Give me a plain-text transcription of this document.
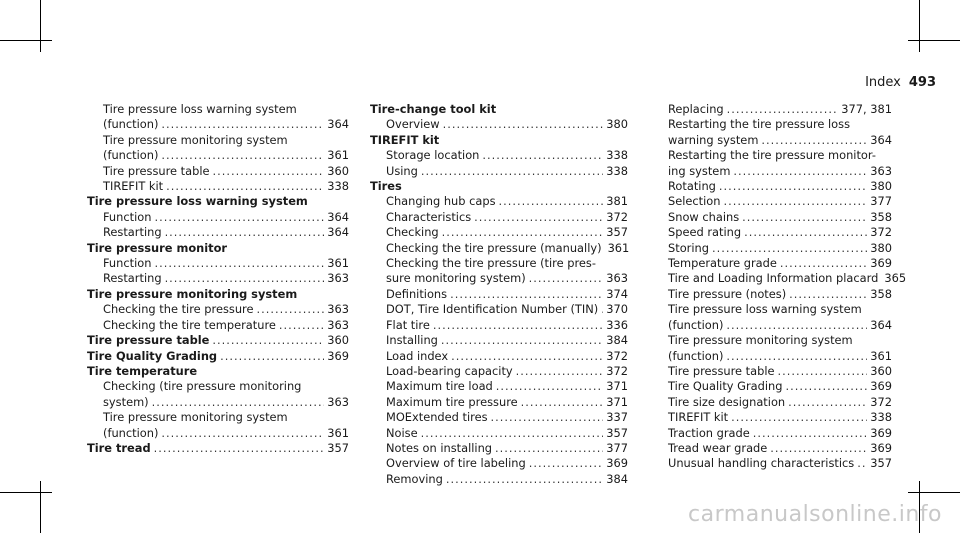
Index 493
Tire pressure loss warning system
(function) .....	364
Tire pressure monitoring system
(function) .....	361
Tire pressure table .....	360
TIREFIT kit .....	338
Tire pressure loss warning system
Function .....	364
Restarting .....	364
Tire pressure monitor
Function .....	361
Restarting .....	363
Tire pressure monitoring system
Checking the tire pressure .....	363
Checking the tire temperature .....	363
Tire pressure table .....	360
Tire Quality Grading .....	369
Tire temperature
Checking (tire pressure monitoring
system) .....	363
Tire pressure monitoring system
(function) .....	361
Tire tread .....	357
Tire-change tool kit
Overview .....	380
TIREFIT kit
Storage location .....	338
Using .....	338
Tires
Changing hub caps .....	381
Characteristics .....	372
Checking .....	357
Checking the tire pressure (manually) 361
Checking the tire pressure (tire pres-
sure monitoring system) .....	363
Definitions .....	374
DOT, Tire Identification Number (TIN) ..... 370
Flat tire .....	336
Installing .....	384
Load index .....	372
Load-bearing capacity .....	372
Maximum tire load .....	371
Maximum tire pressure .....	371
MOExtended tires .....	337
Noise .....	357
Notes on installing .....	377
Overview of tire labeling .....	369
Removing .....	384
Replacing .....	377, 381
Restarting the tire pressure loss
warning system .....	364
Restarting the tire pressure monitor-
ing system .....	363
Rotating .....	380
Selection .....	377
Snow chains .....	358
Speed rating .....	372
Storing .....	380
Temperature grade .....	369
Tire and Loading Information placard 365
Tire pressure (notes) .....	358
Tire pressure loss warning system
(function) .....	364
Tire pressure monitoring system
(function) .....	361
Tire pressure table .....	360
Tire Quality Grading .....	369
Tire size designation .....	372
TIREFIT kit .....	338
Traction grade .....	369
Tread wear grade .....	369
Unusual handling characteristics ..... 357
carmanualsonline.info
